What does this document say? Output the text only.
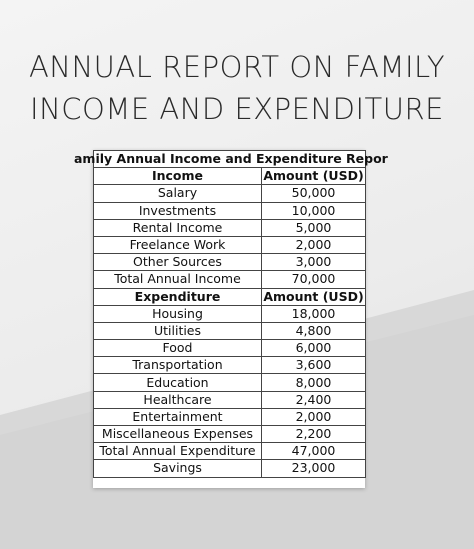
ANNUAL REPORT ON FAMILY
INCOME AND EXPENDITURE
amily Annual Income and Expenditure Repor	
Income	Amount (USD)
Salary	50,000
Investments	10,000
Rental Income	5,000
Freelance Work	2,000
Other Sources	3,000
Total Annual Income	70,000
Expenditure	Amount (USD)
Housing	18,000
Utilities	4,800
Food	6,000
Transportation	3,600
Education	8,000
Healthcare	2,400
Entertainment	2,000
Miscellaneous Expenses	2,200
Total Annual Expenditure	47,000
Savings	23,000
